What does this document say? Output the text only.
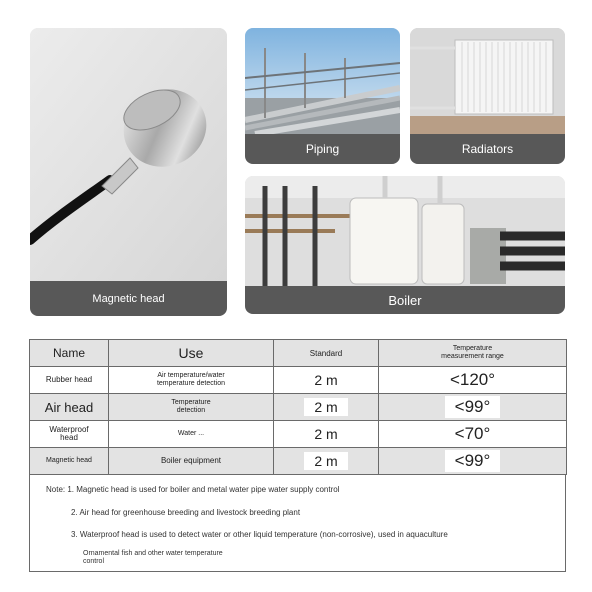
Magnetic head
Piping	Radiators
Boiler
Name	Use	Standard	Temperature measurement range

Rubber head	Air temperature/water temperature detection	2 m	<120°
Air head	Temperature detection	2 m	<99°

Waterproof head	Water ...	2 m	<70°
Magnetic head	Boiler equipment	2 m	<99°
Note: 1. Magnetic head is used for boiler and metal water pipe water supply control
2. Air head for greenhouse breeding and livestock breeding plant
3. Waterproof head is used to detect water or other liquid temperature (non-corrosive), used in aquaculture
Ornamental fish and other water temperature
control
